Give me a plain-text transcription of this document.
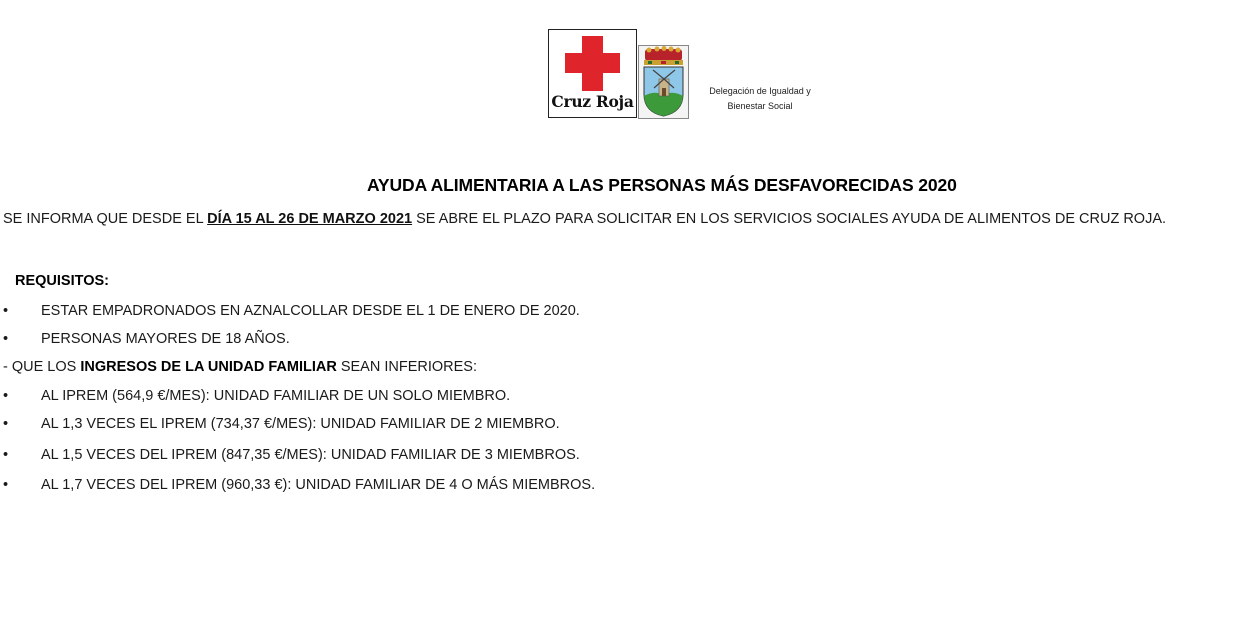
Cruz Roja
Delegación de Igualdad y
Bienestar Social
AYUDA ALIMENTARIA A LAS PERSONAS MÁS DESFAVORECIDAS 2020
SE INFORMA QUE DESDE EL DÍA 15 AL 26 DE MARZO 2021 SE ABRE EL PLAZO PARA SOLICITAR EN LOS SERVICIOS SOCIALES AYUDA DE ALIMENTOS DE CRUZ ROJA.
REQUISITOS:
• ESTAR EMPADRONADOS EN AZNALCOLLAR DESDE EL 1 DE ENERO DE 2020.
• PERSONAS MAYORES DE 18 AÑOS.
- QUE LOS INGRESOS DE LA UNIDAD FAMILIAR SEAN INFERIORES:
• AL IPREM (564,9 €/MES): UNIDAD FAMILIAR DE UN SOLO MIEMBRO.
• AL 1,3 VECES EL IPREM (734,37 €/MES): UNIDAD FAMILIAR DE 2 MIEMBRO.
• AL 1,5 VECES DEL IPREM (847,35 €/MES): UNIDAD FAMILIAR DE 3 MIEMBROS.
• AL 1,7 VECES DEL IPREM (960,33 €): UNIDAD FAMILIAR DE 4 O MÁS MIEMBROS.
